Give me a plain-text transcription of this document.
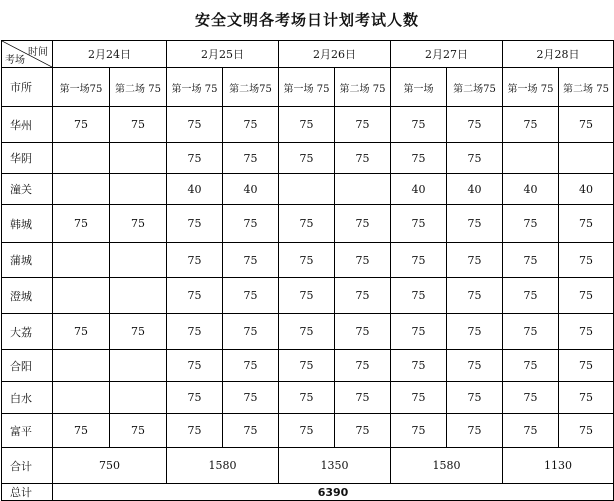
安全文明各考场日计划考试人数
时间
考场	2月24日		2月25日		2月26日		2月27日		2月28日	
市所	第一场75	第二场 75	第一场 75	第二场75	第一场 75	第二场 75	第一场	第二场75	第一场 75	第二场 75
华州	75	75	75	75	75	75	75	75	75	75
华阴			75	75	75	75	75	75		
潼关			40	40			40	40	40	40
韩城	75	75	75	75	75	75	75	75	75	75
蒲城			75	75	75	75	75	75	75	75
澄城			75	75	75	75	75	75	75	75
大荔	75	75	75	75	75	75	75	75	75	75
合阳			75	75	75	75	75	75	75	75
白水			75	75	75	75	75	75	75	75
富平	75	75	75	75	75	75	75	75	75	75
合计	750		1580		1350		1580		1130	
总计	6390									
